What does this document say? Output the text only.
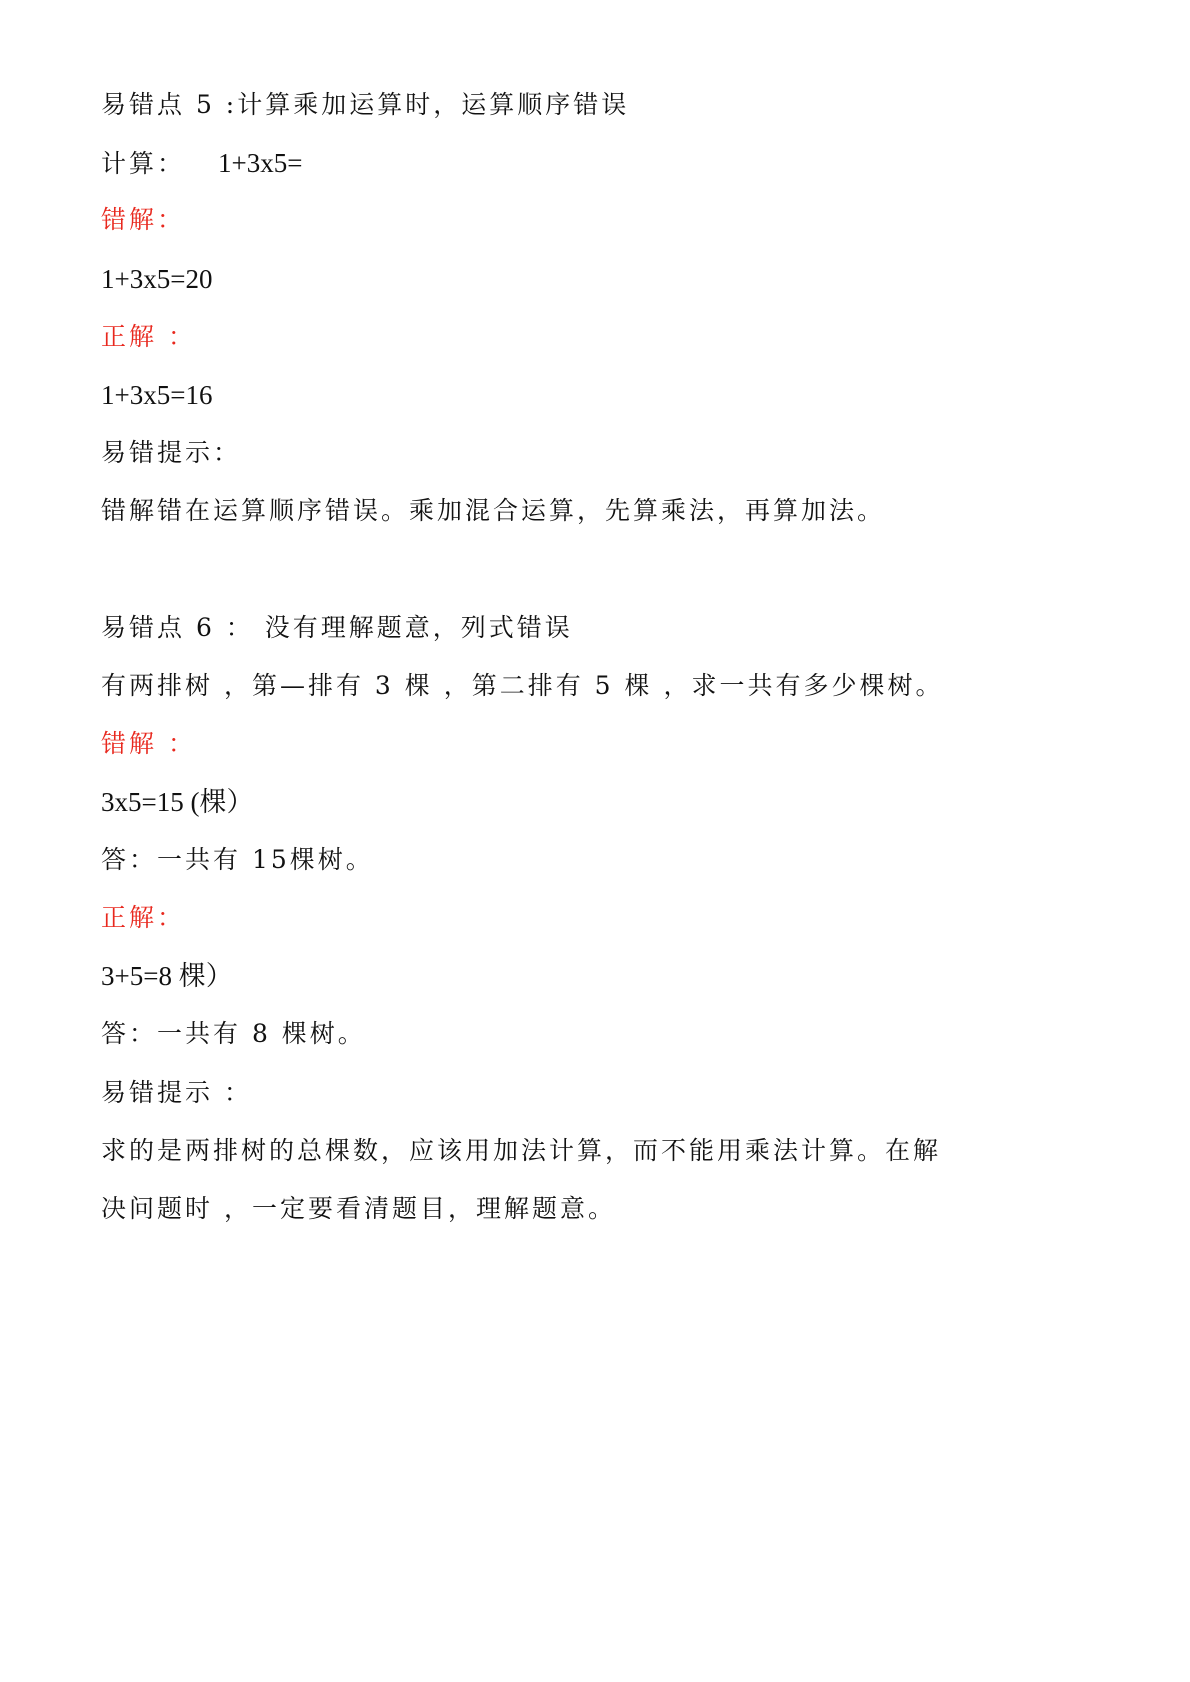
易错点 5 :计算乘加运算时，运算顺序错误
计算： 1+3x5=
错解：
1+3x5=20
正解 ：
1+3x5=16
易错提示：
错解错在运算顺序错误。乘加混合运算，先算乘法，再算加法。
易错点 6 ： 没有理解题意，列式错误
有两排树 ，第—排有 3 棵 ，第二排有 5 棵 ，求一共有多少棵树。
错解 ：
3x5=15 (棵）
答：一共有 15棵树。
正解：
3+5=8 棵）
答：一共有 8 棵树。
易错提示 ：
求的是两排树的总棵数，应该用加法计算，而不能用乘法计算。在解
决问题时 ，一定要看清题目，理解题意。
